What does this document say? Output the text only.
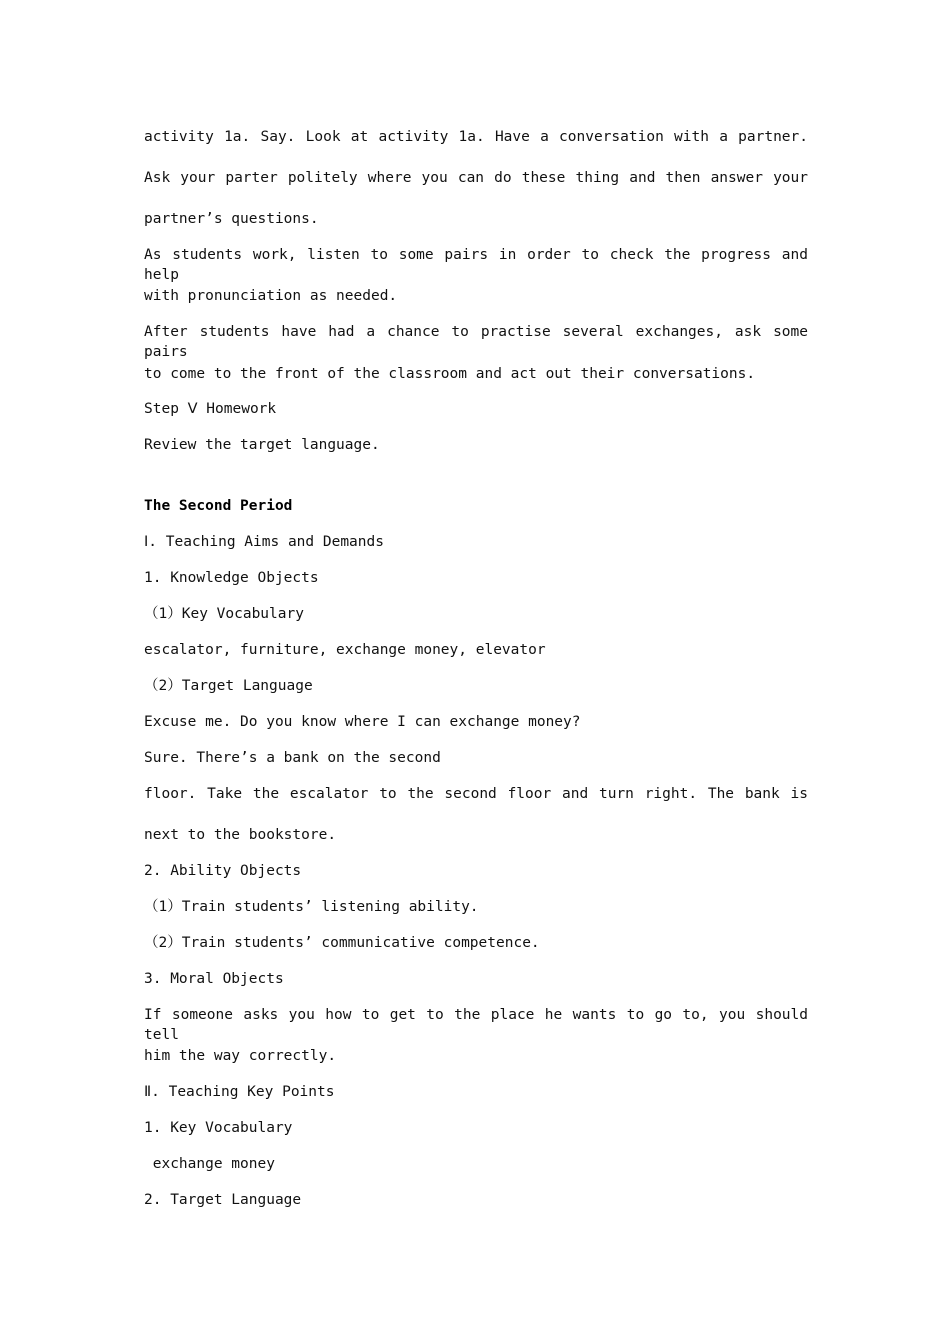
activity 1a. Say. Look at activity 1a. Have a conversation with a partner.
Ask your parter politely where you can do these thing and then answer your
partner’s questions.
As students work, listen to some pairs in order to check the progress and help
with pronunciation as needed.
After students have had a chance to practise several exchanges, ask some pairs
to come to the front of the classroom and act out their conversations.
Step Ⅴ Homework
Review the target language.
The Second Period
Ⅰ. Teaching Aims and Demands
1. Knowledge Objects
（1）Key Vocabulary
escalator, furniture, exchange money, elevator
（2）Target Language
Excuse me. Do you know where I can exchange money?
Sure. There’s a bank on the second
floor. Take the escalator to the second floor and turn right. The bank is
next to the bookstore.
2. Ability Objects
（1）Train students’ listening ability.
（2）Train students’ communicative competence.
3. Moral Objects
If someone asks you how to get to the place he wants to go to, you should tell
him the way correctly.
Ⅱ. Teaching Key Points
1. Key Vocabulary
exchange money
2. Target Language
